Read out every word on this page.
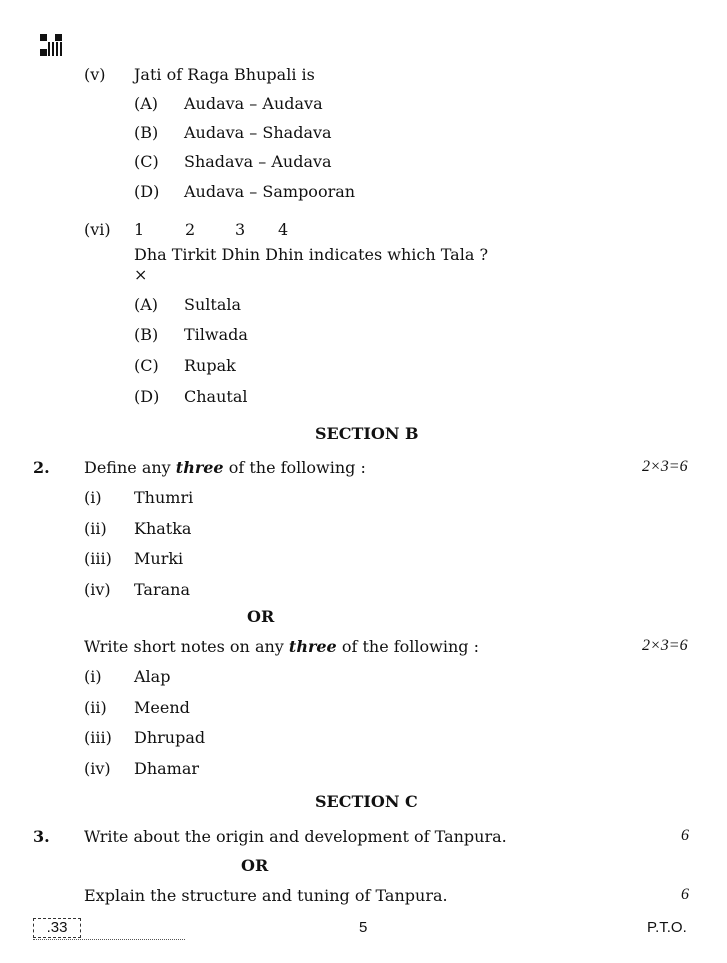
(v) Jati of Raga Bhupali is
(A) Audava – Audava
(B) Audava – Shadava
(C) Shadava – Audava
(D) Audava – Sampooran
(vi) 1	2 3 4
Dha Tirkit Dhin Dhin indicates which Tala ?
×
(A) Sultala
(B) Tilwada
(C) Rupak
(D) Chautal
SECTION B
2. Define any three of the following :	2×3=6
(i) Thumri
(ii) Khatka
(iii) Murki
(iv) Tarana
OR
Write short notes on any three of the following :	2×3=6
(i) Alap
(ii) Meend
(iii) Dhrupad
(iv) Dhamar
SECTION C
3. Write about the origin and development of Tanpura.	6
OR
Explain the structure and tuning of Tanpura.	6
.33	5	P.T.O.
